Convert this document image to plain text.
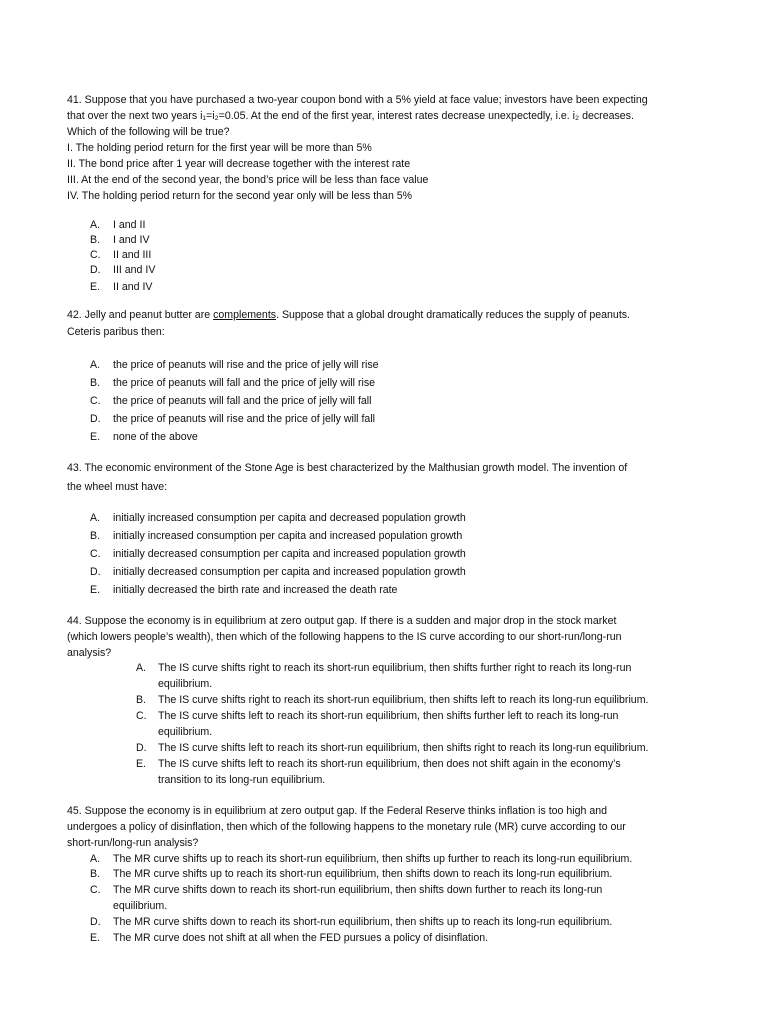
41. Suppose that you have purchased a two-year coupon bond with a 5% yield at face value; investors have been expecting
that over the next two years i₁=i₂=0.05. At the end of the first year, interest rates decrease unexpectedly, i.e. i₂ decreases.
Which of the following will be true?
I. The holding period return for the first year will be more than 5%
II. The bond price after 1 year will decrease together with the interest rate
III. At the end of the second year, the bond’s price will be less than face value
IV. The holding period return for the second year only will be less than 5%
A. I and II
B. I and IV
C. II and III
D. III and IV
E. II and IV
42. Jelly and peanut butter are complements. Suppose that a global drought dramatically reduces the supply of peanuts.
Ceteris paribus then:
A. the price of peanuts will rise and the price of jelly will rise
B. the price of peanuts will fall and the price of jelly will rise
C. the price of peanuts will fall and the price of jelly will fall
D. the price of peanuts will rise and the price of jelly will fall
E. none of the above
43. The economic environment of the Stone Age is best characterized by the Malthusian growth model. The invention of
the wheel must have:
A. initially increased consumption per capita and decreased population growth
B. initially increased consumption per capita and increased population growth
C. initially decreased consumption per capita and increased population growth
D. initially decreased consumption per capita and increased population growth
E. initially decreased the birth rate and increased the death rate
44. Suppose the economy is in equilibrium at zero output gap. If there is a sudden and major drop in the stock market
(which lowers people’s wealth), then which of the following happens to the IS curve according to our short-run/long-run
analysis?
A. The IS curve shifts right to reach its short-run equilibrium, then shifts further right to reach its long-run
equilibrium.
B. The IS curve shifts right to reach its short-run equilibrium, then shifts left to reach its long-run equilibrium.
C. The IS curve shifts left to reach its short-run equilibrium, then shifts further left to reach its long-run
equilibrium.
D. The IS curve shifts left to reach its short-run equilibrium, then shifts right to reach its long-run equilibrium.
E. The IS curve shifts left to reach its short-run equilibrium, then does not shift again in the economy’s
transition to its long-run equilibrium.
45. Suppose the economy is in equilibrium at zero output gap. If the Federal Reserve thinks inflation is too high and
undergoes a policy of disinflation, then which of the following happens to the monetary rule (MR) curve according to our
short-run/long-run analysis?
A. The MR curve shifts up to reach its short-run equilibrium, then shifts up further to reach its long-run equilibrium.
B. The MR curve shifts up to reach its short-run equilibrium, then shifts down to reach its long-run equilibrium.
C. The MR curve shifts down to reach its short-run equilibrium, then shifts down further to reach its long-run
equilibrium.
D. The MR curve shifts down to reach its short-run equilibrium, then shifts up to reach its long-run equilibrium.
E. The MR curve does not shift at all when the FED pursues a policy of disinflation.
